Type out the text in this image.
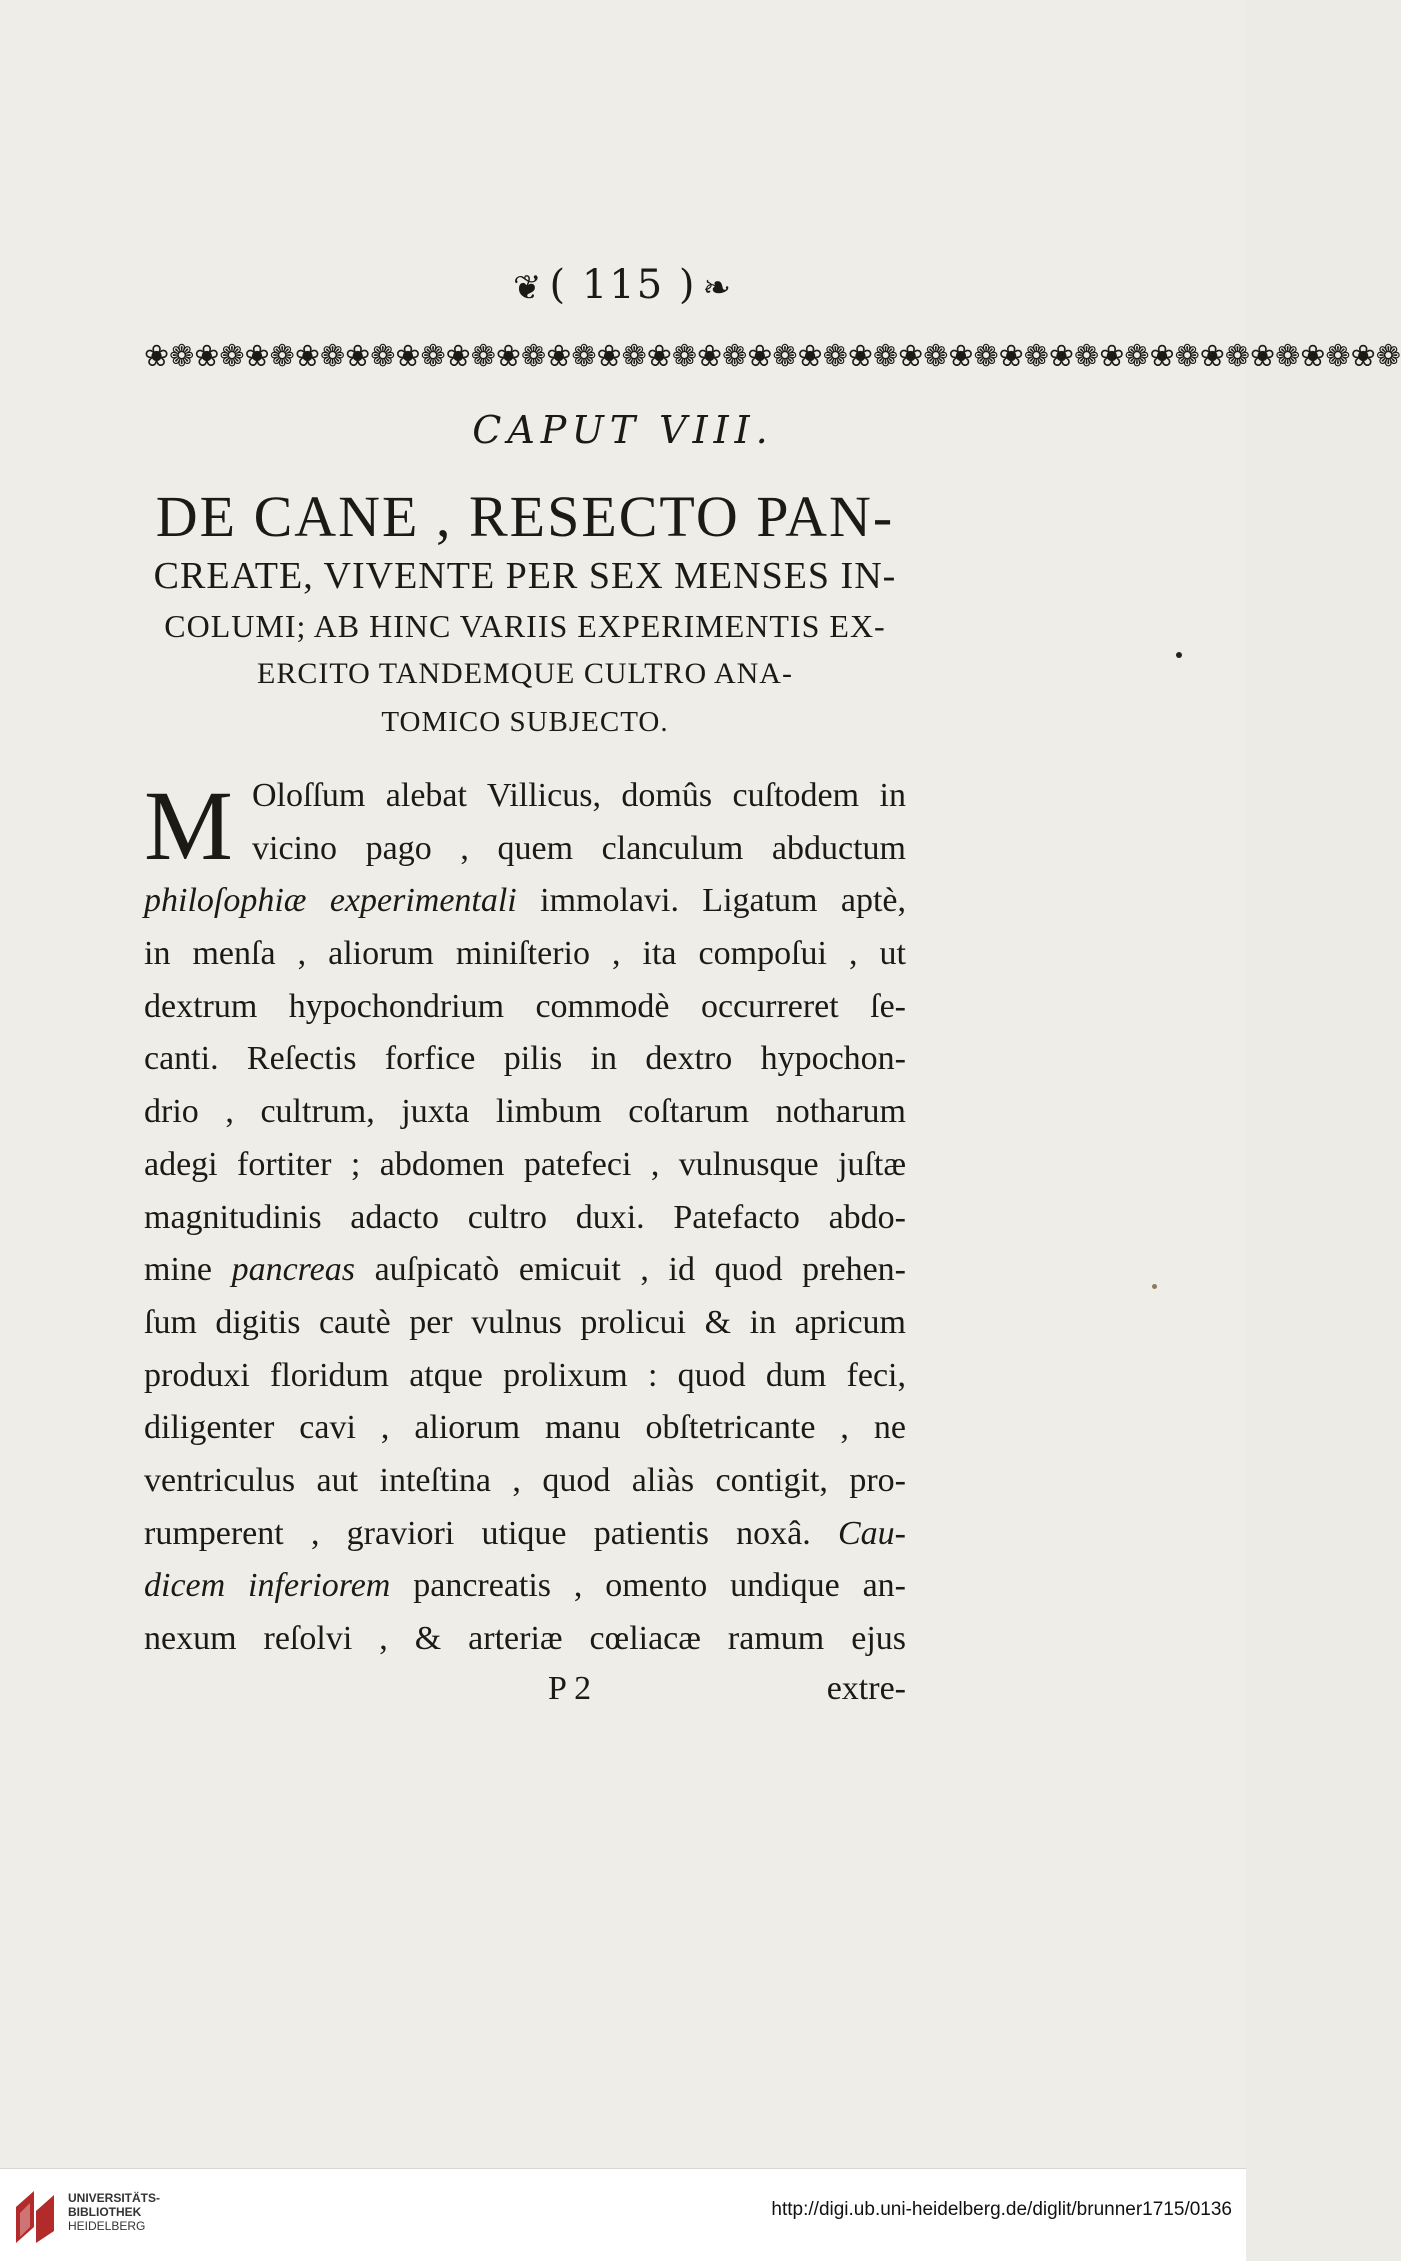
❦ ( 115 ) ❧
❀❁❀❁❀❁❀❁❀❁❀❁❀❁❀❁❀❁❀❁❀❁❀❁❀❁❀❁❀❁❀❁❀❁❀❁❀❁❀❁❀❁❀❁❀❁❀❁❀❁
CAPUT VIII.
DE CANE , RESECTO PAN-
CREATE, VIVENTE PER SEX MENSES IN-
COLUMI; AB HINC VARIIS EXPERIMENTIS EX-
ERCITO TANDEMQUE CULTRO ANA-
TOMICO SUBJECTO.
M Oloſſum alebat Villicus, domûs cuſtodem in
vicino pago , quem clanculum abductum
philoſophiæ experimentali immolavi. Ligatum aptè,
in menſa , aliorum miniſterio , ita compoſui , ut
dextrum hypochondrium commodè occurreret ſe-
canti. Reſectis forfice pilis in dextro hypochon-
drio , cultrum, juxta limbum coſtarum notharum
adegi fortiter ; abdomen patefeci , vulnusque juſtæ
magnitudinis adacto cultro duxi. Patefacto abdo-
mine pancreas auſpicatò emicuit , id quod prehen-
ſum digitis cautè per vulnus prolicui & in apricum
produxi floridum atque prolixum : quod dum feci,
diligenter cavi , aliorum manu obſtetricante , ne
ventriculus aut inteſtina , quod aliàs contigit, pro-
rumperent , graviori utique patientis noxâ. Cau-
dicem inferiorem pancreatis , omento undique an-
nexum reſolvi , & arteriæ cœliacæ ramum ejus
P 2	extre-
UNIVERSITÄTS-
BIBLIOTHEK
HEIDELBERG
http://digi.ub.uni-heidelberg.de/diglit/brunner1715/0136
